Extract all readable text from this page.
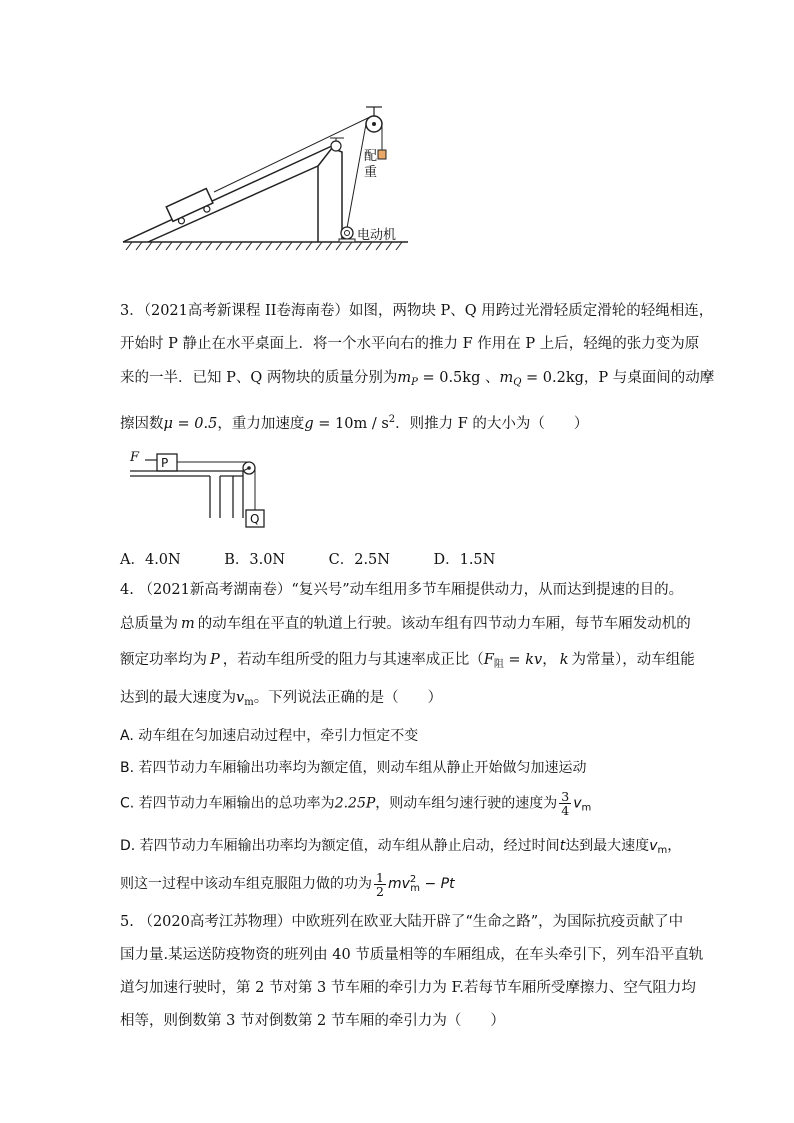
配
重
电动机
3．（2021高考新课程 II卷海南卷）如图，两物块 P、Q 用跨过光滑轻质定滑轮的轻绳相连，
开始时 P 静止在水平桌面上．将一个水平向右的推力 F 作用在 P 上后，轻绳的张力变为原
来的一半．已知 P、Q 两物块的质量分别为$m_P = 0.5kg$ 、$m_Q = 0.2kg$，P 与桌面间的动摩
擦因数μ = 0.5，重力加速度$g = 10m / s^2$．则推力 F 的大小为（　　）
F P
Q
A．4.0N　　　B．3.0N　　　C．2.5N　　　D．1.5N
4. （2021新高考湖南卷）“复兴号”动车组用多节车厢提供动力，从而达到提速的目的。
总质量为 m 的动车组在平直的轨道上行驶。该动车组有四节动力车厢，每节车厢发动机的
额定功率均为 P ，若动车组所受的阻力与其速率成正比（$F_阻$ = kv， k 为常量），动车组能
达到的最大速度为$v_m$。下列说法正确的是（　　）
A. 动车组在匀加速启动过程中，牵引力恒定不变
B. 若四节动力车厢输出功率均为额定值，则动车组从静止开始做匀加速运动
C. 若四节动力车厢输出的总功率为2.25P，则动车组匀速行驶的速度为 $\frac{3}{4} v_m$
D. 若四节动力车厢输出功率均为额定值，动车组从静止启动，经过时间t达到最大速度$v_m$，
则这一过程中该动车组克服阻力做的功为 $\frac{1}{2} mv^2_m - Pt$
5. （2020高考江苏物理）中欧班列在欧亚大陆开辟了“生命之路”，为国际抗疫贡献了中
国力量.某运送防疫物资的班列由 40 节质量相等的车厢组成，在车头牵引下，列车沿平直轨
道匀加速行驶时，第 2 节对第 3 节车厢的牵引力为 F.若每节车厢所受摩擦力、空气阻力均
相等，则倒数第 3 节对倒数第 2 节车厢的牵引力为（　　）
